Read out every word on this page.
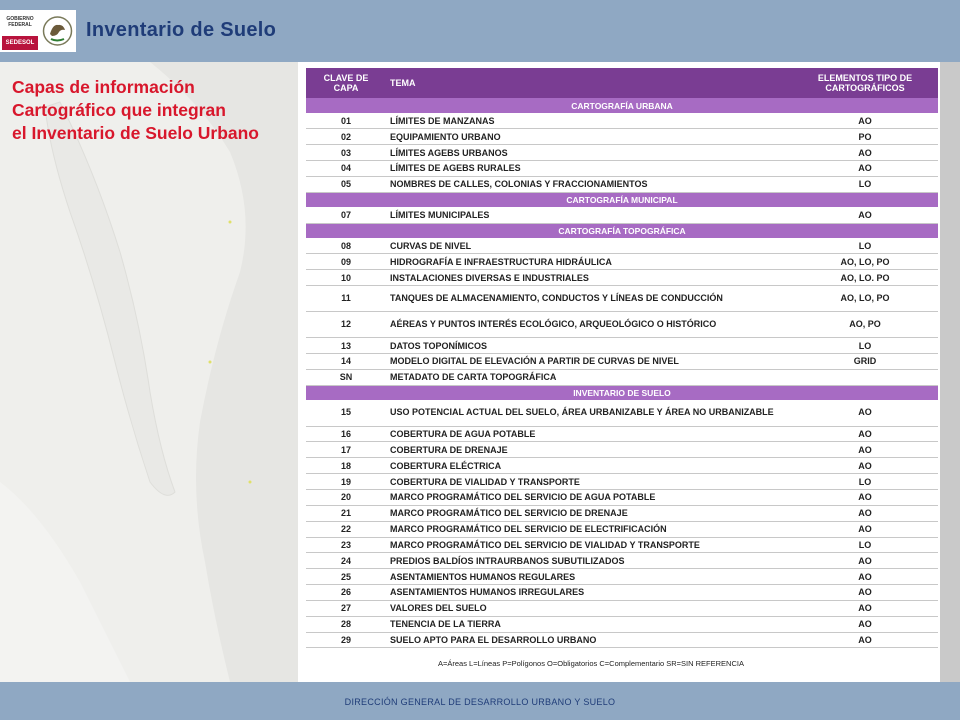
GOBIERNO FEDERAL
SEDESOL
Inventario de Suelo
Capas de información
Cartográfico que integran
el Inventario de Suelo Urbano
CLAVE DE CAPA	TEMA	ELEMENTOS TIPO DE CARTOGRÁFICOS
CARTOGRAFÍA URBANA		
01	LÍMITES DE MANZANAS	AO
02	EQUIPAMIENTO URBANO	PO
03	LÍMITES AGEBS URBANOS	AO
04	LÍMITES DE AGEBS RURALES	AO
05	NOMBRES DE CALLES, COLONIAS Y FRACCIONAMIENTOS	LO
CARTOGRAFÍA MUNICIPAL		
07	LÍMITES MUNICIPALES	AO
CARTOGRAFÍA TOPOGRÁFICA		
08	CURVAS DE NIVEL	LO
09	HIDROGRAFÍA E INFRAESTRUCTURA HIDRÁULICA	AO, LO, PO
10	INSTALACIONES DIVERSAS E INDUSTRIALES	AO, LO. PO
11	TANQUES DE ALMACENAMIENTO, CONDUCTOS Y LÍNEAS DE CONDUCCIÓN	AO, LO, PO
12	AÉREAS Y PUNTOS INTERÉS ECOLÓGICO, ARQUEOLÓGICO O HISTÓRICO	AO, PO
13	DATOS TOPONÍMICOS	LO
14	MODELO DIGITAL DE ELEVACIÓN A PARTIR DE CURVAS DE NIVEL	GRID
SN	METADATO DE CARTA TOPOGRÁFICA	
INVENTARIO DE SUELO		
15	USO POTENCIAL ACTUAL DEL SUELO, ÁREA URBANIZABLE Y ÁREA NO URBANIZABLE	AO
16	COBERTURA DE AGUA POTABLE	AO
17	COBERTURA DE DRENAJE	AO
18	COBERTURA ELÉCTRICA	AO
19	COBERTURA DE VIALIDAD Y TRANSPORTE	LO
20	MARCO PROGRAMÁTICO DEL SERVICIO DE AGUA POTABLE	AO
21	MARCO PROGRAMÁTICO DEL SERVICIO DE DRENAJE	AO
22	MARCO PROGRAMÁTICO DEL SERVICIO DE ELECTRIFICACIÓN	AO
23	MARCO PROGRAMÁTICO DEL SERVICIO DE VIALIDAD Y TRANSPORTE	LO
24	PREDIOS BALDÍOS INTRAURBANOS SUBUTILIZADOS	AO
25	ASENTAMIENTOS HUMANOS REGULARES	AO
26	ASENTAMIENTOS HUMANOS IRREGULARES	AO
27	VALORES DEL SUELO	AO
28	TENENCIA DE LA TIERRA	AO
29	SUELO APTO PARA EL DESARROLLO URBANO	AO
A=Áreas L=Líneas P=Polígonos O=Obligatorios C=Complementario SR=SIN REFERENCIA
DIRECCIÓN GENERAL DE DESARROLLO URBANO Y SUELO
